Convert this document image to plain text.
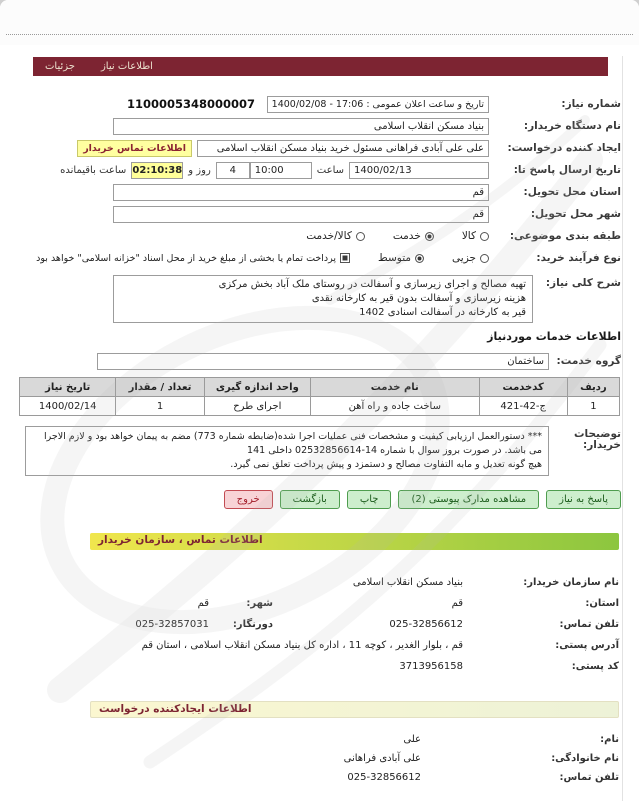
اطلاعات نیاز
جزئیات
شماره نیاز:
تاریخ و ساعت اعلان عمومی : 17:06 - 1400/02/08
1100005348000007
نام دستگاه خریدار:
بنیاد مسکن انقلاب اسلامی
ایجاد کننده درخواست:
علی علی آبادی فراهانی مسئول خرید بنیاد مسکن انقلاب اسلامی
اطلاعات تماس خریدار
تاریخ ارسال پاسخ تا:
1400/02/13
ساعت
10:00
4
روز و
02:10:38
ساعت باقیمانده
استان محل تحویل:
قم
شهر محل تحویل:
قم
طبقه بندی موضوعی:
کالا
خدمت
کالا/خدمت
نوع فرآیند خرید:
جزیی
متوسط
پرداخت تمام یا بخشی از مبلغ خرید از محل اسناد "خزانه اسلامی" خواهد بود
شرح کلی نیاز:
تهیه مصالح و اجرای زیرسازی و آسفالت در روستای ملک آباد بخش مرکزی
هزینه زیرسازی و آسفالت بدون قیر به کارخانه نقدی
قیر به کارخانه در آسفالت اسنادی 1402
اطلاعات خدمات موردنیاز
گروه خدمت:
ساختمان
ردیف	کدخدمت	نام خدمت	واحد اندازه گیری	تعداد / مقدار	تاریخ نیاز
1	ج-42-421	ساخت جاده و راه آهن	اجرای طرح	1	1400/02/14
توضیحات خریدار:
*** دستورالعمل ارزیابی کیفیت و مشخصات فنی عملیات اجرا شده(ضابطه شماره 773) مضم به پیمان خواهد بود و لازم الاجرا
می باشد. در صورت بروز سوال با شماره 14-02532856614 داخلی 141
هیچ گونه تعدیل و مابه التفاوت مصالح و دستمزد و پیش پرداخت تعلق نمی گیرد.
پاسخ به نیاز
مشاهده مدارک پیوستی (2)
چاپ
بازگشت
خروج
اطلاعات تماس ، سازمان خریدار
نام سازمان خریدار:
بنیاد مسکن انقلاب اسلامی
استان:
قم
شهر:
قم
تلفن تماس:
025-32856612
دورنگار:
025-32857031
آدرس پستی:
قم ، بلوار الغدیر ، کوچه 11 ، اداره کل بنیاد مسکن انقلاب اسلامی ، استان قم
کد پستی:
3713956158
اطلاعات ایجادکننده درخواست
نام:
علی
نام خانوادگی:
علی آبادی فراهانی
تلفن تماس:
025-32856612
